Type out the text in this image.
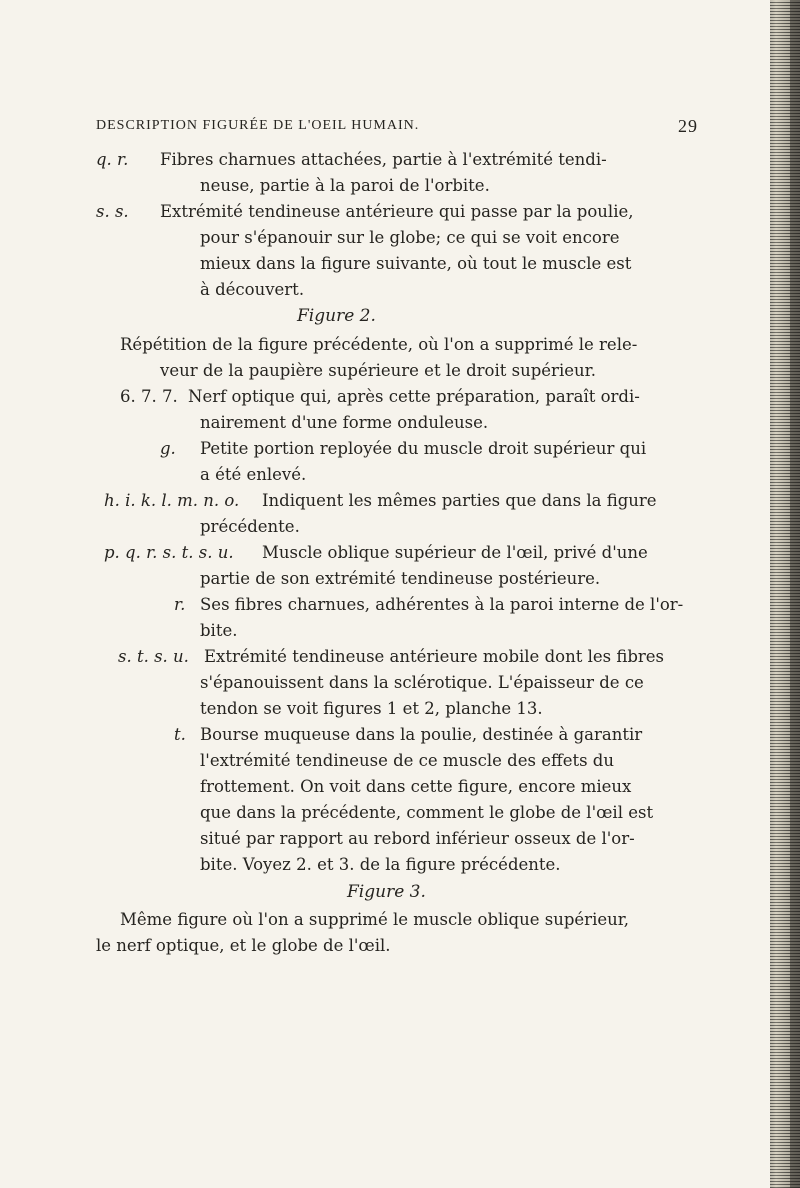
DESCRIPTION FIGURÉE DE L'OEIL HUMAIN.	29
q. r. Fibres charnues attachées, partie à l'extrémité tendi-
neuse, partie à la paroi de l'orbite.
s. s. Extrémité tendineuse antérieure qui passe par la poulie,
pour s'épanouir sur le globe; ce qui se voit encore
mieux dans la figure suivante, où tout le muscle est
à découvert.
Figure 2.
Répétition de la figure précédente, où l'on a supprimé le rele-
veur de la paupière supérieure et le droit supérieur.
6. 7. 7. Nerf optique qui, après cette préparation, paraît ordi-
nairement d'une forme onduleuse.
g. Petite portion reployée du muscle droit supérieur qui
a été enlevé.
h. i. k. l. m. n. o. Indiquent les mêmes parties que dans la figure
précédente.
p. q. r. s. t. s. u. Muscle oblique supérieur de l'œil, privé d'une
partie de son extrémité tendineuse postérieure.
r. Ses fibres charnues, adhérentes à la paroi interne de l'or-
bite.
s. t. s. u. Extrémité tendineuse antérieure mobile dont les fibres
s'épanouissent dans la sclérotique. L'épaisseur de ce
tendon se voit figures 1 et 2, planche 13.
t. Bourse muqueuse dans la poulie, destinée à garantir
l'extrémité tendineuse de ce muscle des effets du
frottement. On voit dans cette figure, encore mieux
que dans la précédente, comment le globe de l'œil est
situé par rapport au rebord inférieur osseux de l'or-
bite. Voyez 2. et 3. de la figure précédente.
Figure 3.
Même figure où l'on a supprimé le muscle oblique supérieur,
le nerf optique, et le globe de l'œil.
